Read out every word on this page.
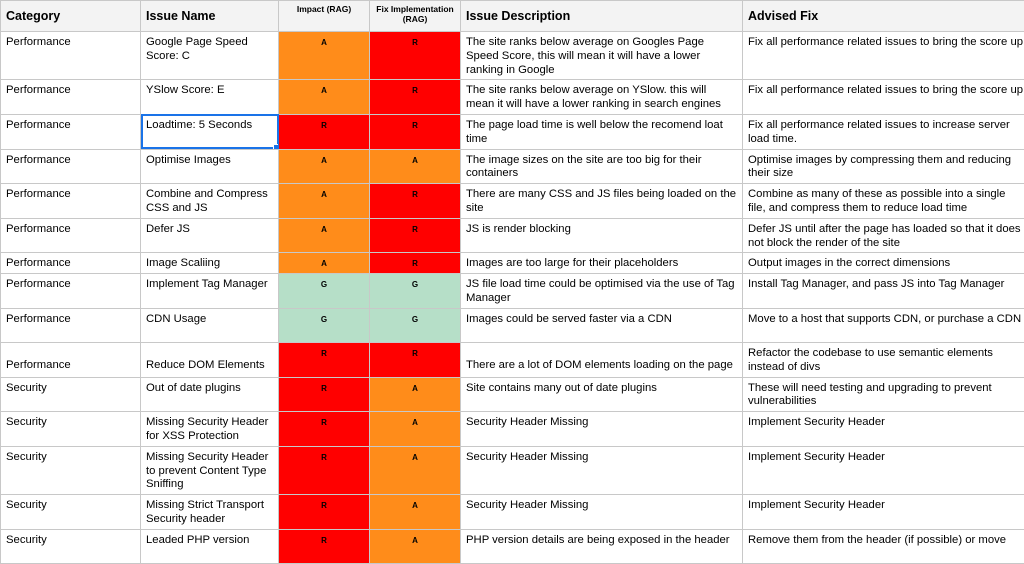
Category	Issue Name	Impact (RAG)	Fix Implementation (RAG)	Issue Description	Advised Fix
Performance	Google Page Speed Score: C	A	R	The site ranks below average on Googles Page Speed Score, this will mean it will have a lower ranking in Google	Fix all performance related issues to bring the score up
Performance	YSlow Score: E	A	R	The site ranks below average on YSlow. this will mean it will have a lower ranking in search engines	Fix all performance related issues to bring the score up
Performance	Loadtime: 5 Seconds	R	R	The page load time is well below the recomend loat time	Fix all performance related issues to increase server load time.
Performance	Optimise Images	A	A	The image sizes on the site are too big for their containers	Optimise images by compressing them and reducing their size
Performance	Combine and Compress CSS and JS	A	R	There are many CSS and JS files being loaded on the site	Combine as many of these as possible into a single file, and compress them to reduce load time
Performance	Defer JS	A	R	JS is render blocking	Defer JS until after the page has loaded so that it does not block the render of the site
Performance	Image Scaliing	A	R	Images are too large for their placeholders	Output images in the correct dimensions
Performance	Implement Tag Manager	G	G	JS file load time could be optimised via the use of Tag Manager	Install Tag Manager, and pass JS into Tag Manager
Performance	CDN Usage	G	G	Images could be served faster via a CDN	Move to a host that supports CDN, or purchase a CDN
Performance	Reduce DOM Elements	R	R	There are a lot of DOM elements loading on the page	Refactor the codebase to use semantic elements instead of divs
Security	Out of date plugins	R	A	Site contains many out of date plugins	These will need testing and upgrading to prevent vulnerabilities
Security	Missing Security Header for XSS Protection	R	A	Security Header Missing	Implement Security Header
Security	Missing Security Header to prevent Content Type Sniffing	R	A	Security Header Missing	Implement Security Header
Security	Missing Strict Transport Security header	R	A	Security Header Missing	Implement Security Header
Security	Leaded PHP version	R	A	PHP version details are being exposed in the header	Remove them from the header (if possible) or move
